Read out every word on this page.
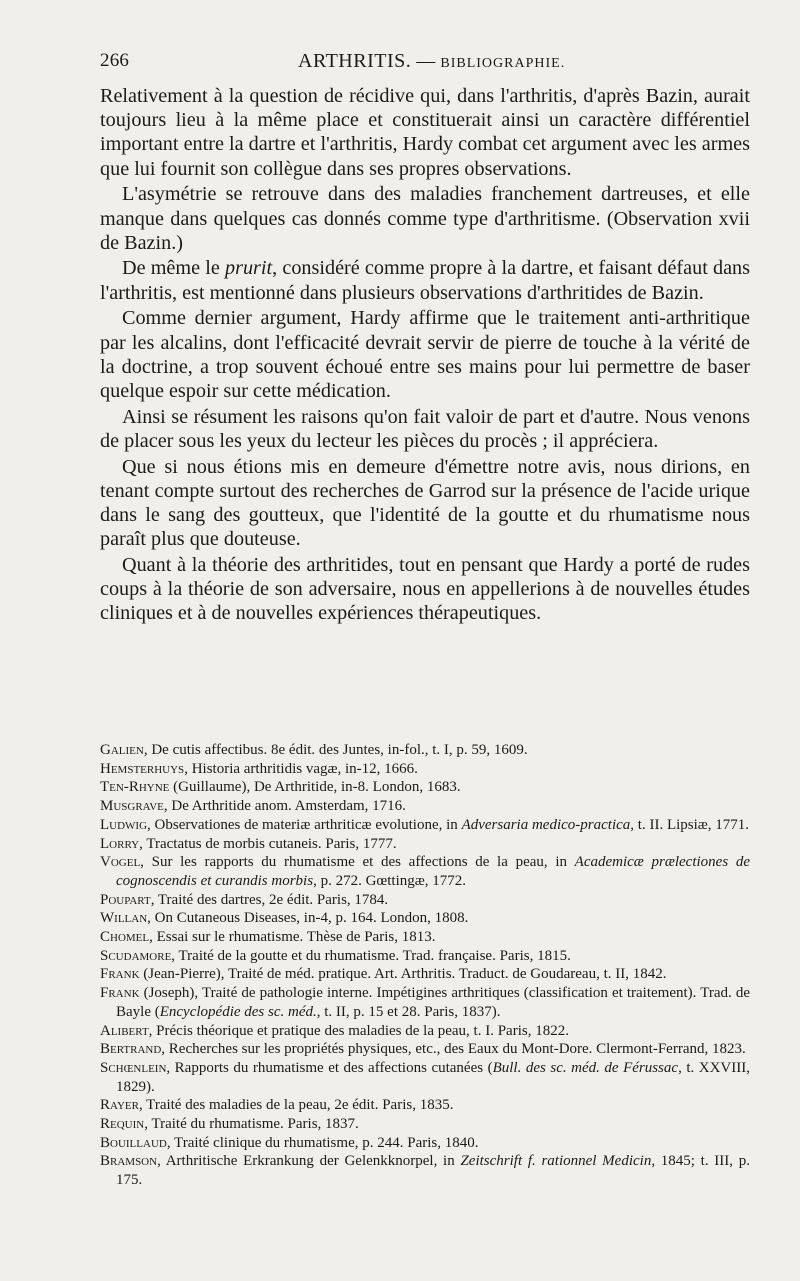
266	ARTHRITIS. — BIBLIOGRAPHIE.

Relativement à la question de récidive qui, dans l'arthritis, d'après Bazin, aurait toujours lieu à la même place et constituerait ainsi un caractère différentiel important entre la dartre et l'arthritis, Hardy combat cet argument avec les armes que lui fournit son collègue dans ses propres observations.

L'asymétrie se retrouve dans des maladies franchement dartreuses, et elle manque dans quelques cas donnés comme type d'arthritisme. (Observation xvii de Bazin.)

De même le prurit, considéré comme propre à la dartre, et faisant défaut dans l'arthritis, est mentionné dans plusieurs observations d'arthritides de Bazin.

Comme dernier argument, Hardy affirme que le traitement anti-arthritique par les alcalins, dont l'efficacité devrait servir de pierre de touche à la vérité de la doctrine, a trop souvent échoué entre ses mains pour lui permettre de baser quelque espoir sur cette médication.

Ainsi se résument les raisons qu'on fait valoir de part et d'autre. Nous venons de placer sous les yeux du lecteur les pièces du procès ; il appréciera.

Que si nous étions mis en demeure d'émettre notre avis, nous dirions, en tenant compte surtout des recherches de Garrod sur la présence de l'acide urique dans le sang des goutteux, que l'identité de la goutte et du rhumatisme nous paraît plus que douteuse.

Quant à la théorie des arthritides, tout en pensant que Hardy a porté de rudes coups à la théorie de son adversaire, nous en appellerions à de nouvelles études cliniques et à de nouvelles expériences thérapeutiques.

Galien, De cutis affectibus. 8e édit. des Juntes, in-fol., t. I, p. 59, 1609.
Hemsterhuys, Historia arthritidis vagæ, in-12, 1666.
Ten-Rhyne (Guillaume), De Arthritide, in-8. London, 1683.
Musgrave, De Arthritide anom. Amsterdam, 1716.
Ludwig, Observationes de materiæ arthriticæ evolutione, in Adversaria medico-practica, t. II. Lipsiæ, 1771.
Lorry, Tractatus de morbis cutaneis. Paris, 1777.
Vogel, Sur les rapports du rhumatisme et des affections de la peau, in Academicæ prælectiones de cognoscendis et curandis morbis, p. 272. Gœttingæ, 1772.
Poupart, Traité des dartres, 2e édit. Paris, 1784.
Willan, On Cutaneous Diseases, in-4, p. 164. London, 1808.
Chomel, Essai sur le rhumatisme. Thèse de Paris, 1813.
Scudamore, Traité de la goutte et du rhumatisme. Trad. française. Paris, 1815.
Frank (Jean-Pierre), Traité de méd. pratique. Art. Arthritis. Traduct. de Goudareau, t. II, 1842.
Frank (Joseph), Traité de pathologie interne. Impétigines arthritiques (classification et traitement). Trad. de Bayle (Encyclopédie des sc. méd., t. II, p. 15 et 28. Paris, 1837).
Alibert, Précis théorique et pratique des maladies de la peau, t. I. Paris, 1822.
Bertrand, Recherches sur les propriétés physiques, etc., des Eaux du Mont-Dore. Clermont-Ferrand, 1823.
Schœnlein, Rapports du rhumatisme et des affections cutanées (Bull. des sc. méd. de Férussac, t. XXVIII, 1829).
Rayer, Traité des maladies de la peau, 2e édit. Paris, 1835.
Requin, Traité du rhumatisme. Paris, 1837.
Bouillaud, Traité clinique du rhumatisme, p. 244. Paris, 1840.
Bramson, Arthritische Erkrankung der Gelenkknorpel, in Zeitschrift f. rationnel Medicin, 1845; t. III, p. 175.
